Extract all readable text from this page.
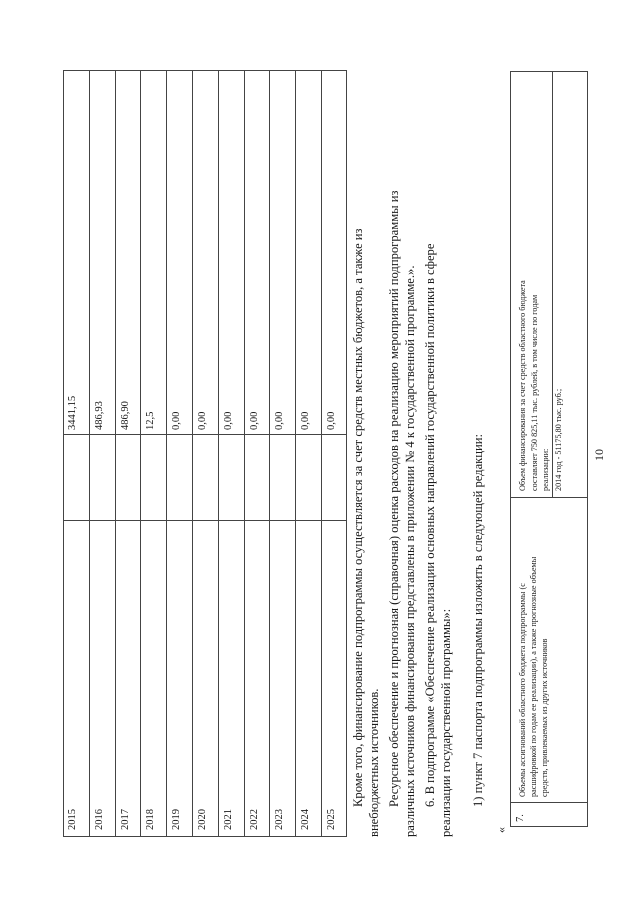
10
2015
3441,15
2016
486,93
2017
486,90
2018
12,5
2019
0,00
2020
0,00
2021
0,00
2022
0,00
2023
0,00
2024
0,00
2025
0,00	Кроме того, финансирование подпрограммы осуществляется за счет средств местных бюджетов, а также из внебюджетных источников. Ресурсное обеспечение и прогнозная (справочная) оценка расходов на реализацию мероприятий подпрограммы из различных источников финансирования представлены в приложении № 4 к государственной программе.». 6. В подпрограмме «Обеспечение реализации основных направлений государственной политики в сфере реализации государственной программы»: 1) пункт 7 паспорта подпрограммы изложить в следующей редакции:
«
7.
Объемы ассигнований областного бюджета подпрограммы (с расшифровкой по годам ее реализации), а также прогнозные объемы средств, привлекаемых из других источников
Объем финансирования за счет средств областного бюджета составляет 750 825,11 тыс. рублей, в том числе по годам реализации: 2014 год - 51175,80 тыс. руб.;
